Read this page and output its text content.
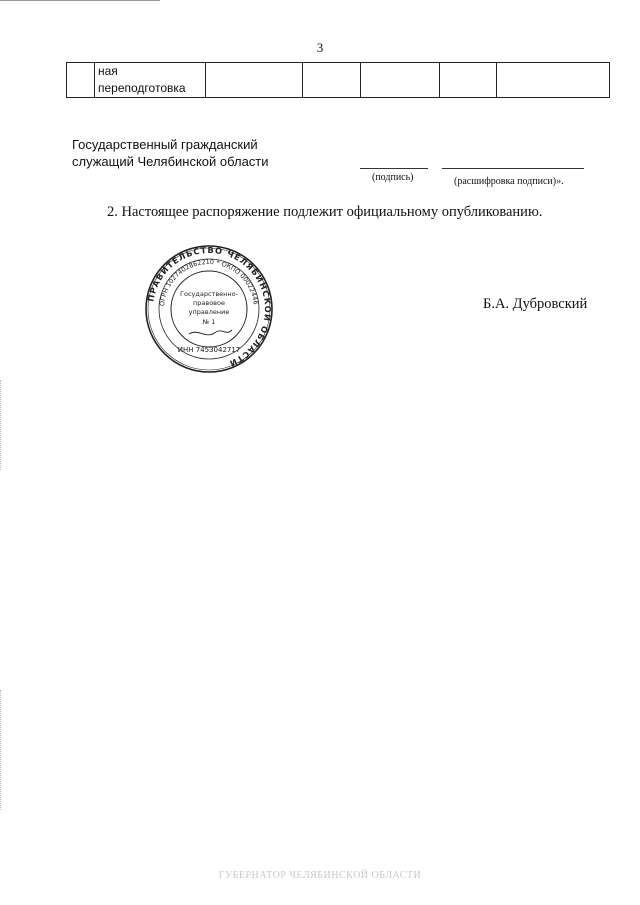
3

ная
переподготовка

Государственный гражданский
служащий Челябинской области
(подпись)	(расшифровка подписи)».
2. Настоящее распоряжение подлежит официальному опубликованию.
ПРАВИТЕЛЬСТВО ЧЕЛЯБИНСКОЙ ОБЛАСТИ
ОГРН 1027402862210 * ОКПО 00022446
ИНН 7453042717
Государственно-
правовое
управление
№ 1
Б.А. Дубровский
ГУБЕРНАТОР ЧЕЛЯБИНСКОЙ ОБЛАСТИ
